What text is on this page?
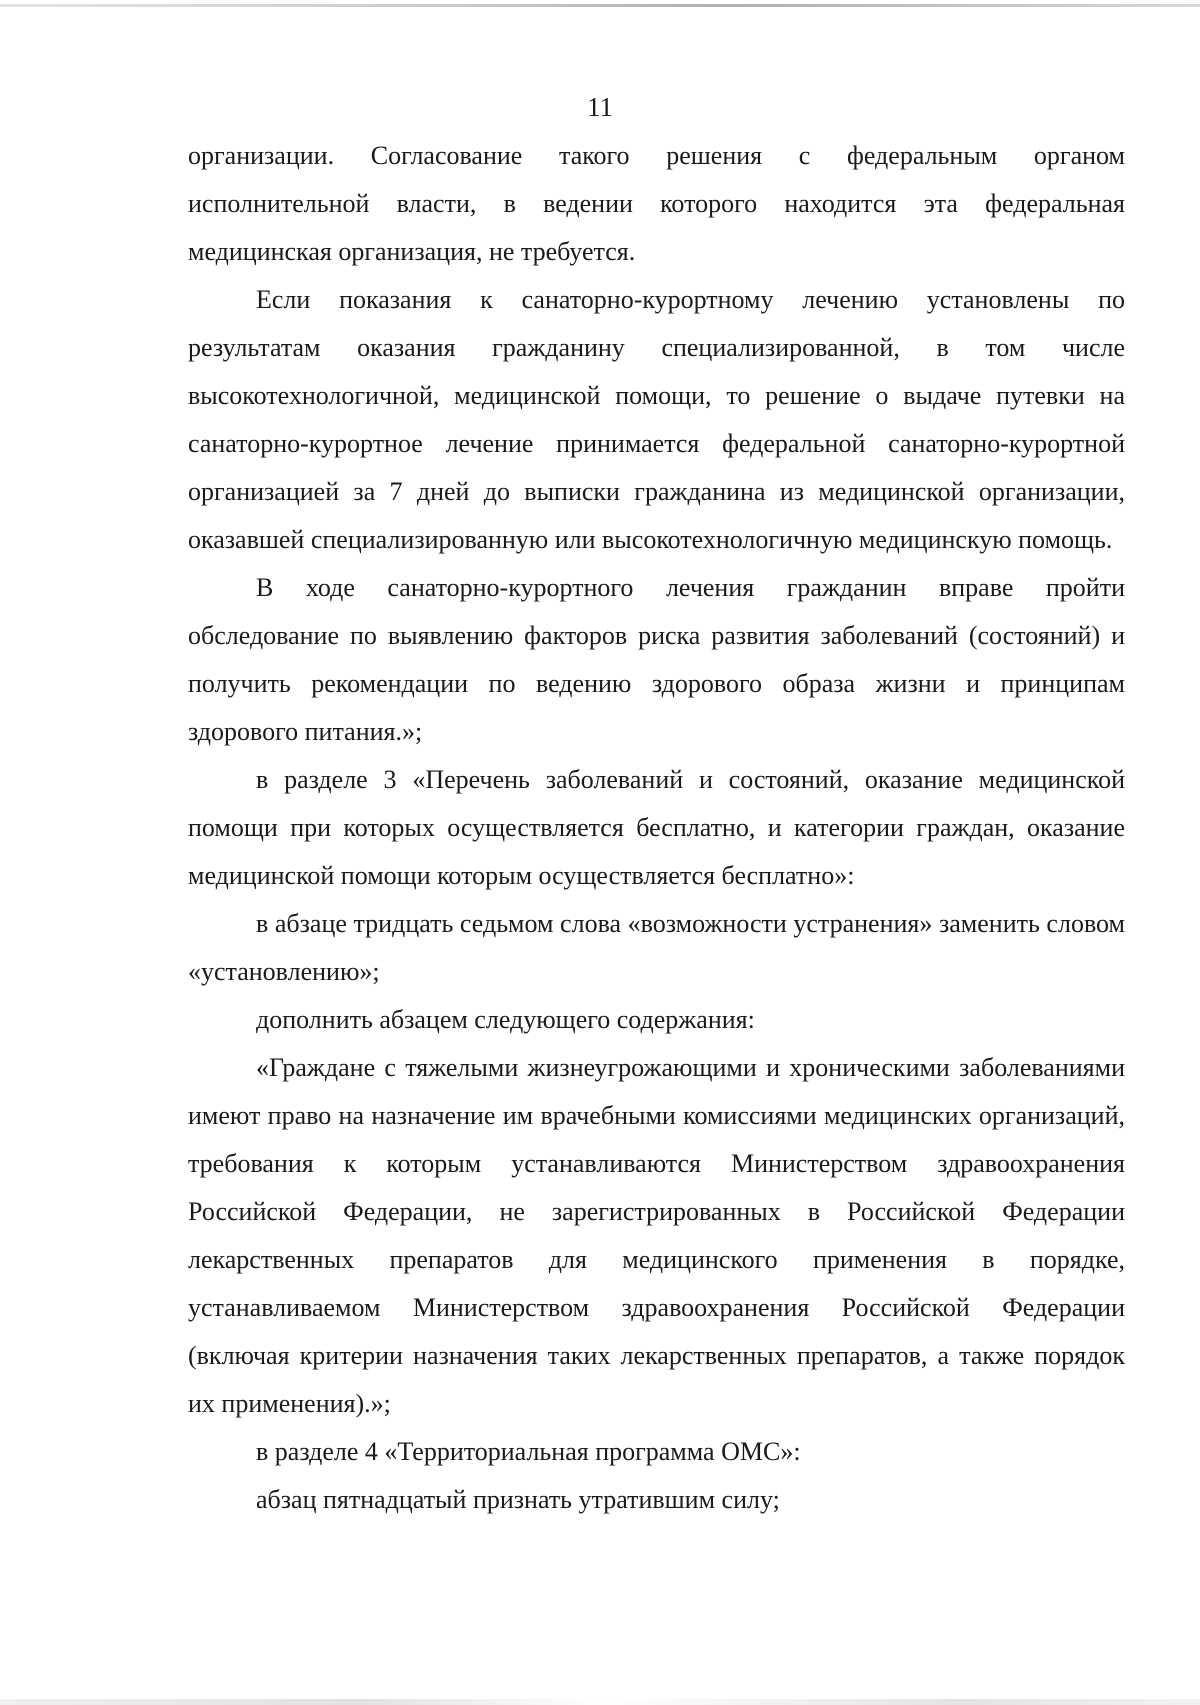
11

организации. Согласование такого решения с федеральным органом исполнительной власти, в ведении которого находится эта федеральная медицинская организация, не требуется.

Если показания к санаторно-курортному лечению установлены по результатам оказания гражданину специализированной, в том числе высокотехнологичной, медицинской помощи, то решение о выдаче путевки на санаторно-курортное лечение принимается федеральной санаторно-курортной организацией за 7 дней до выписки гражданина из медицинской организации, оказавшей специализированную или высокотехнологичную медицинскую помощь.

В ходе санаторно-курортного лечения гражданин вправе пройти обследование по выявлению факторов риска развития заболеваний (состояний) и получить рекомендации по ведению здорового образа жизни и принципам здорового питания.»;

в разделе 3 «Перечень заболеваний и состояний, оказание медицинской помощи при которых осуществляется бесплатно, и категории граждан, оказание медицинской помощи которым осуществляется бесплатно»:

в абзаце тридцать седьмом слова «возможности устранения» заменить словом «установлению»;

дополнить абзацем следующего содержания:

«Граждане с тяжелыми жизнеугрожающими и хроническими заболеваниями имеют право на назначение им врачебными комиссиями медицинских организаций, требования к которым устанавливаются Министерством здравоохранения Российской Федерации, не зарегистрированных в Российской Федерации лекарственных препаратов для медицинского применения в порядке, устанавливаемом Министерством здравоохранения Российской Федерации (включая критерии назначения таких лекарственных препаратов, а также порядок их применения).»;

в разделе 4 «Территориальная программа ОМС»:

абзац пятнадцатый признать утратившим силу;
